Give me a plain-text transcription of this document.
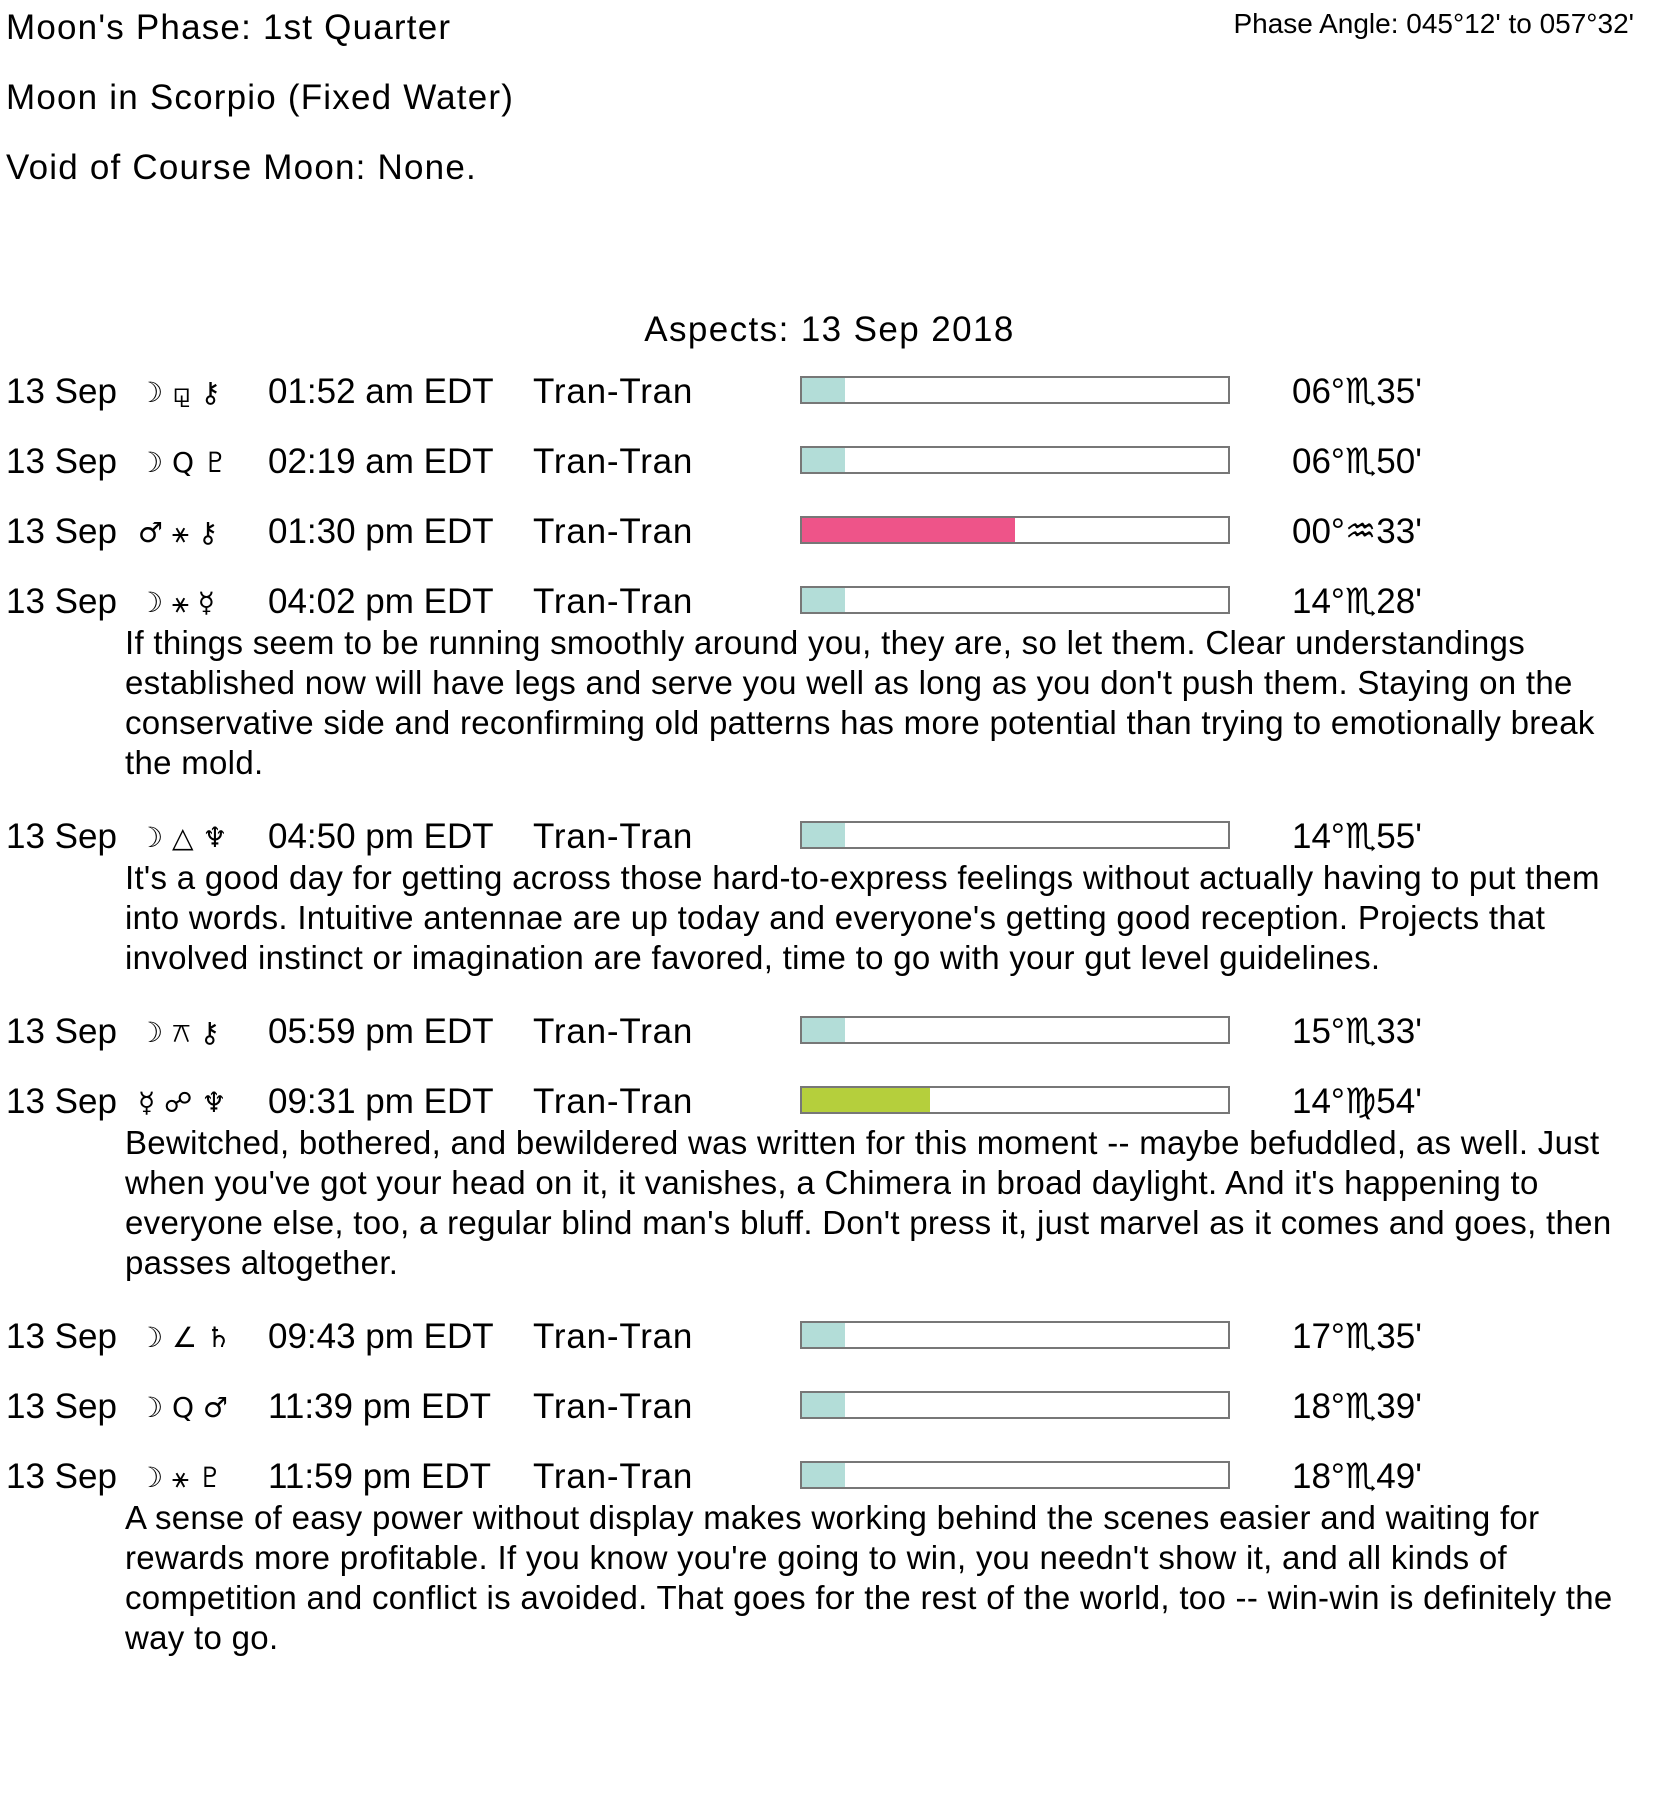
Moon's Phase: 1st Quarter	Phase Angle: 045°12' to 057°32'
Moon in Scorpio (Fixed Water)
Void of Course Moon: None.
Aspects: 13 Sep 2018
13 Sep ☽ ⚼ ⚷ 01:52 am EDT Tran-Tran	06°♏35'
13 Sep ☽ Q ♇ 02:19 am EDT Tran-Tran	06°♏50'
13 Sep ♂ ⚹ ⚷ 01:30 pm EDT Tran-Tran	00°♒33'
13 Sep ☽ ⚹ ☿ 04:02 pm EDT Tran-Tran	14°♏28'

If things seem to be running smoothly around you, they are, so let them. Clear understandings established now will have legs and serve you well as long as you don't push them. Staying on the conservative side and reconfirming old patterns has more potential than trying to emotionally break the mold.

13 Sep ☽ △ ♆ 04:50 pm EDT Tran-Tran	14°♏55'

It's a good day for getting across those hard-to-express feelings without actually having to put them into words. Intuitive antennae are up today and everyone's getting good reception. Projects that involved instinct or imagination are favored, time to go with your gut level guidelines.

13 Sep ☽ ⚻ ⚷ 05:59 pm EDT Tran-Tran	15°♏33'
13 Sep ☿ ☍ ♆ 09:31 pm EDT Tran-Tran	14°♍54'

Bewitched, bothered, and bewildered was written for this moment -- maybe befuddled, as well. Just when you've got your head on it, it vanishes, a Chimera in broad daylight. And it's happening to everyone else, too, a regular blind man's bluff. Don't press it, just marvel as it comes and goes, then passes altogether.

13 Sep ☽ ∠ ♄ 09:43 pm EDT Tran-Tran	17°♏35'
13 Sep ☽ Q ♂ 11:39 pm EDT Tran-Tran	18°♏39'
13 Sep ☽ ⚹ ♇ 11:59 pm EDT Tran-Tran	18°♏49'

A sense of easy power without display makes working behind the scenes easier and waiting for rewards more profitable. If you know you're going to win, you needn't show it, and all kinds of competition and conflict is avoided. That goes for the rest of the world, too -- win-win is definitely the way to go.
